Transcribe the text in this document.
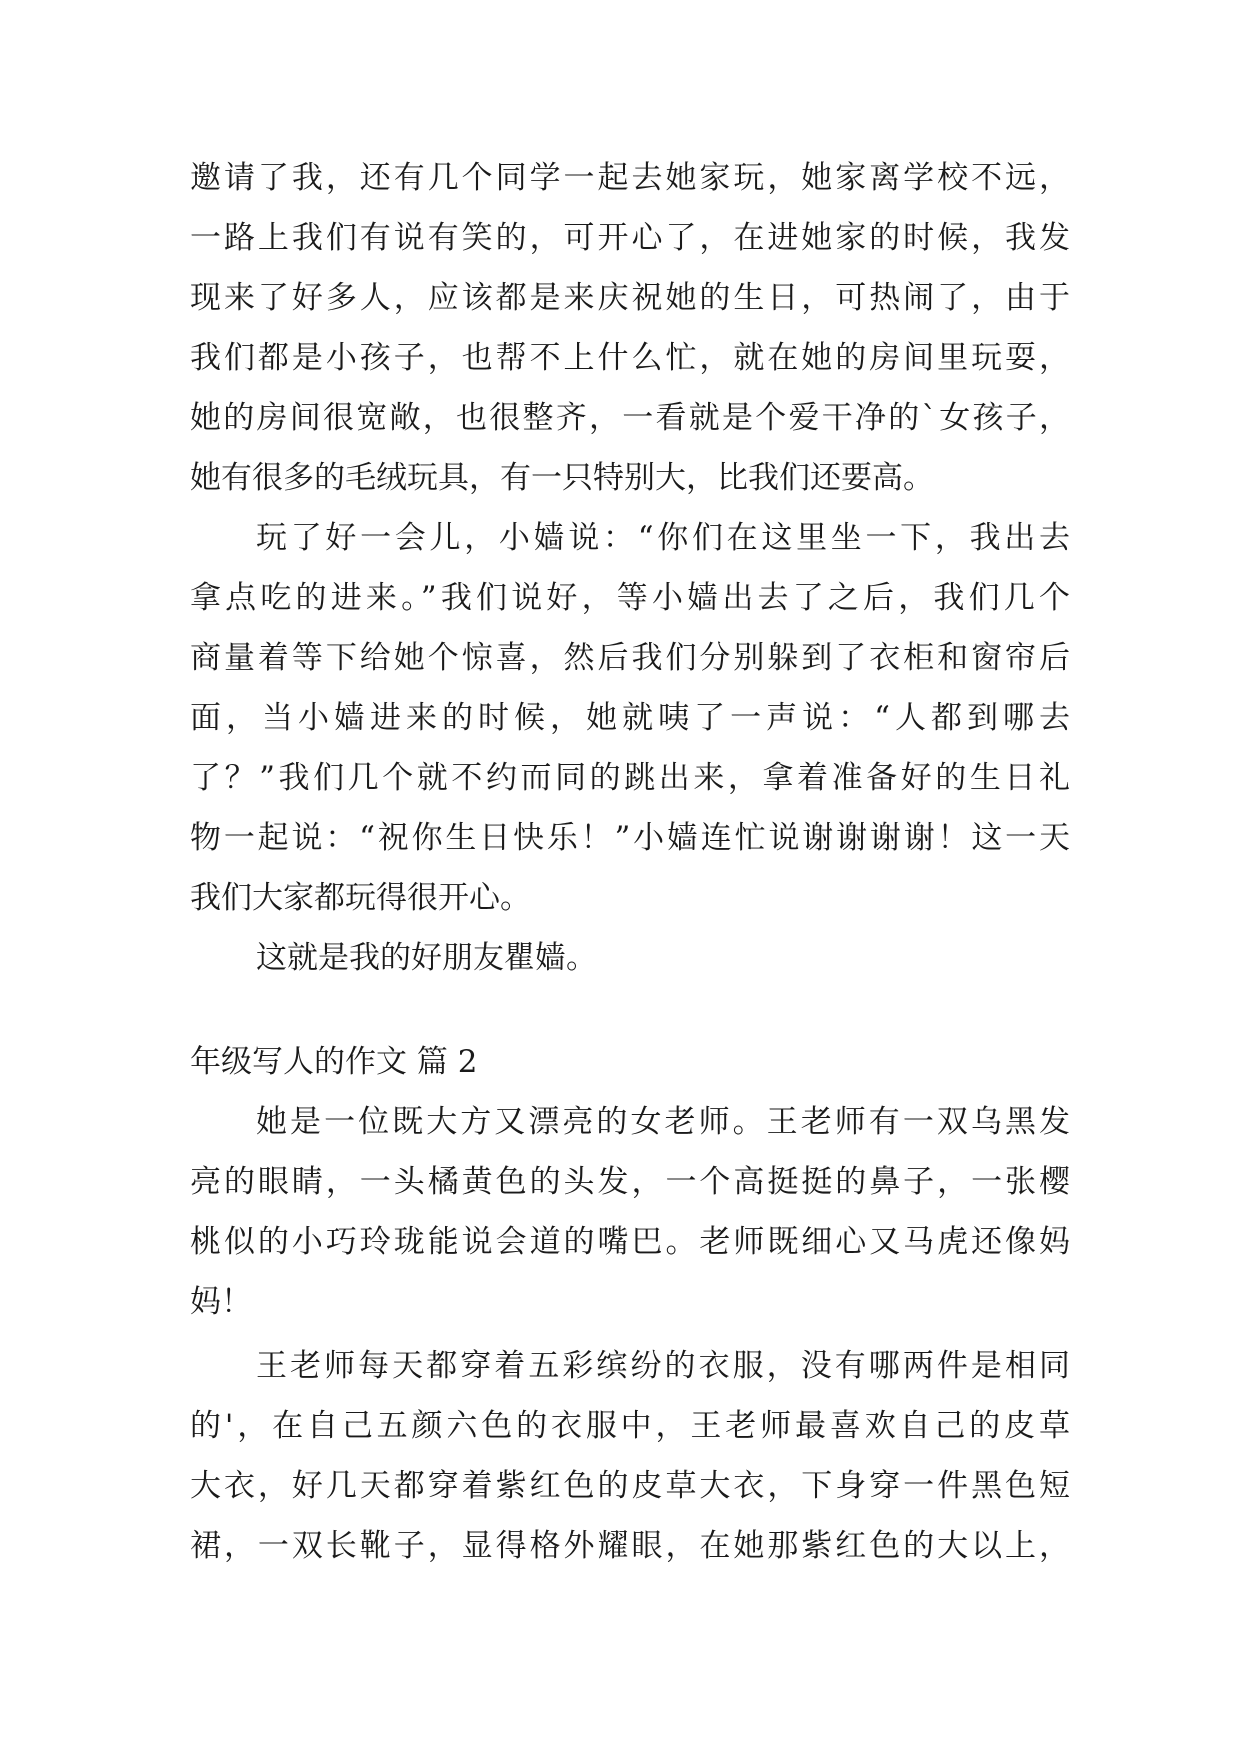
邀请了我，还有几个同学一起去她家玩，她家离学校不远，
一路上我们有说有笑的，可开心了，在进她家的时候，我发
现来了好多人，应该都是来庆祝她的生日，可热闹了，由于
我们都是小孩子，也帮不上什么忙，就在她的房间里玩耍，
她的房间很宽敞，也很整齐，一看就是个爱干净的`女孩子，
她有很多的毛绒玩具，有一只特别大，比我们还要高。
玩了好一会儿，小嫱说：“你们在这里坐一下，我出去
拿点吃的进来。”我们说好，等小嫱出去了之后，我们几个
商量着等下给她个惊喜，然后我们分别躲到了衣柜和窗帘后
面，当小嫱进来的时候，她就咦了一声说：“人都到哪去
了？”我们几个就不约而同的跳出来，拿着准备好的生日礼
物一起说：“祝你生日快乐！”小嫱连忙说谢谢谢谢！这一天
我们大家都玩得很开心。
这就是我的好朋友瞿嫱。
年级写人的作文 篇 2
她是一位既大方又漂亮的女老师。王老师有一双乌黑发
亮的眼睛，一头橘黄色的头发，一个高挺挺的鼻子，一张樱
桃似的小巧玲珑能说会道的嘴巴。老师既细心又马虎还像妈
妈！
王老师每天都穿着五彩缤纷的衣服，没有哪两件是相同
的'，在自己五颜六色的衣服中，王老师最喜欢自己的皮草
大衣，好几天都穿着紫红色的皮草大衣，下身穿一件黑色短
裙，一双长靴子，显得格外耀眼，在她那紫红色的大以上，
